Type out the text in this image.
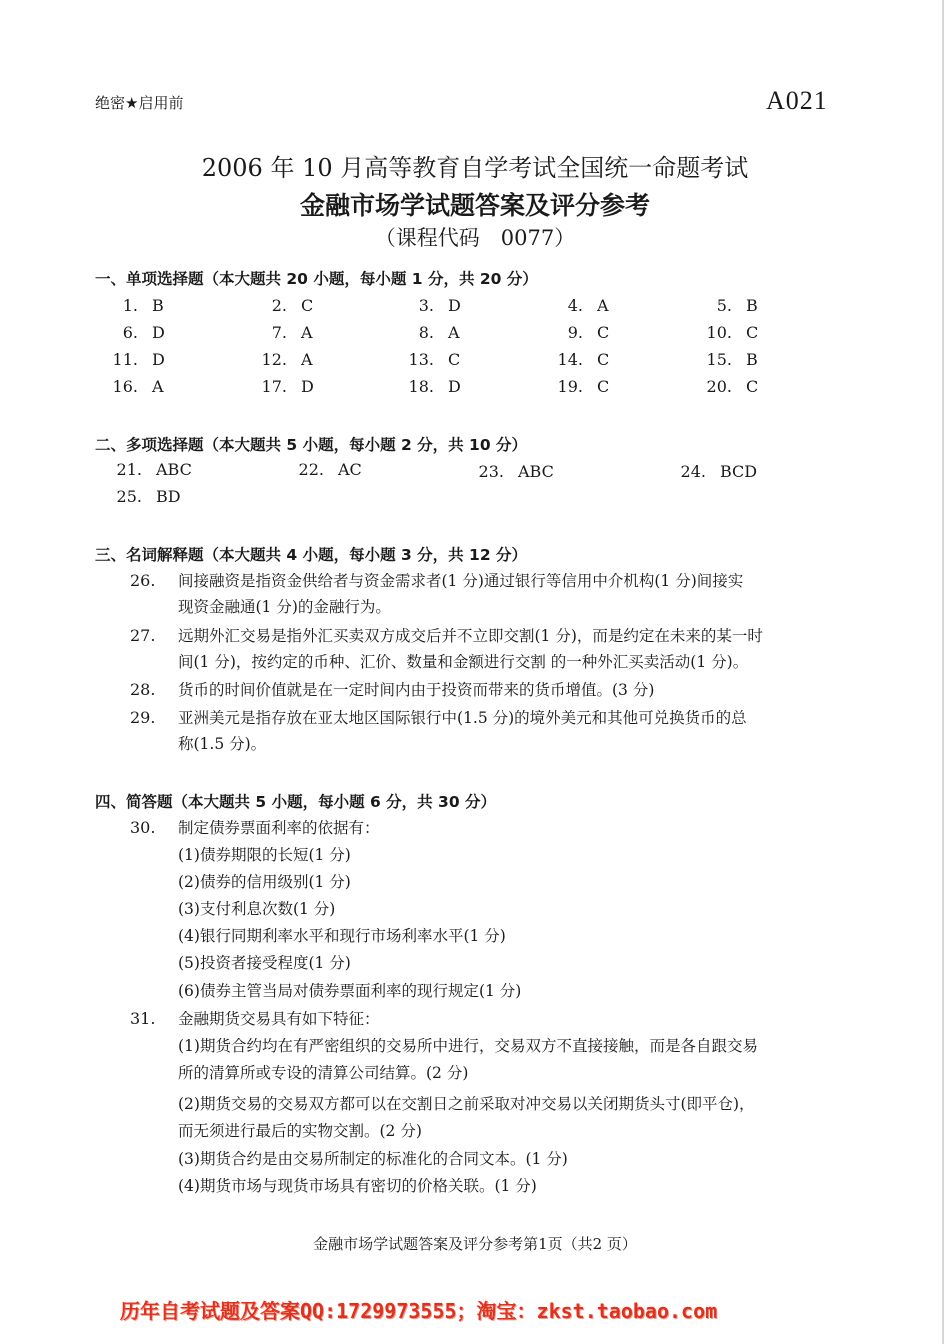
绝密★启用前	A021
2006 年 10 月高等教育自学考试全国统一命题考试
金融市场学试题答案及评分参考
（课程代码　0077）
一、单项选择题（本大题共 20 小题，每小题 1 分，共 20 分）
1. B	2. C	3. D	4. A	5. B
6. D	7. A	8. A	9. C	10. C
11. D	12. A	13. C	14. C	15. B
16. A	17. D	18. D	19. C	20. C
二、多项选择题（本大题共 5 小题，每小题 2 分，共 10 分）
21. ABC	22. AC	23. ABC	24. BCD
25. BD
三、名词解释题（本大题共 4 小题，每小题 3 分，共 12 分）
26. 间接融资是指资金供给者与资金需求者(1 分)通过银行等信用中介机构(1 分)间接实
现资金融通(1 分)的金融行为。
27. 远期外汇交易是指外汇买卖双方成交后并不立即交割(1 分)，而是约定在未来的某一时
间(1 分)，按约定的币种、汇价、数量和金额进行交割 的一种外汇买卖活动(1 分)。
28. 货币的时间价值就是在一定时间内由于投资而带来的货币增值。(3 分)
29. 亚洲美元是指存放在亚太地区国际银行中(1.5 分)的境外美元和其他可兑换货币的总
称(1.5 分)。
四、简答题（本大题共 5 小题，每小题 6 分，共 30 分）
30. 制定债券票面利率的依据有：
(1)债券期限的长短(1 分)
(2)债券的信用级别(1 分)
(3)支付利息次数(1 分)
(4)银行同期利率水平和现行市场利率水平(1 分)
(5)投资者接受程度(1 分)
(6)债券主管当局对债券票面利率的现行规定(1 分)
31. 金融期货交易具有如下特征：
(1)期货合约均在有严密组织的交易所中进行，交易双方不直接接触，而是各自跟交易
所的清算所或专设的清算公司结算。(2 分)
(2)期货交易的交易双方都可以在交割日之前采取对冲交易以关闭期货头寸(即平仓)，
而无须进行最后的实物交割。(2 分)
(3)期货合约是由交易所制定的标准化的合同文本。(1 分)
(4)期货市场与现货市场具有密切的价格关联。(1 分)
金融市场学试题答案及评分参考第1页（共2 页）
历年自考试题及答案QQ:1729973555；淘宝：zkst.taobao.com
